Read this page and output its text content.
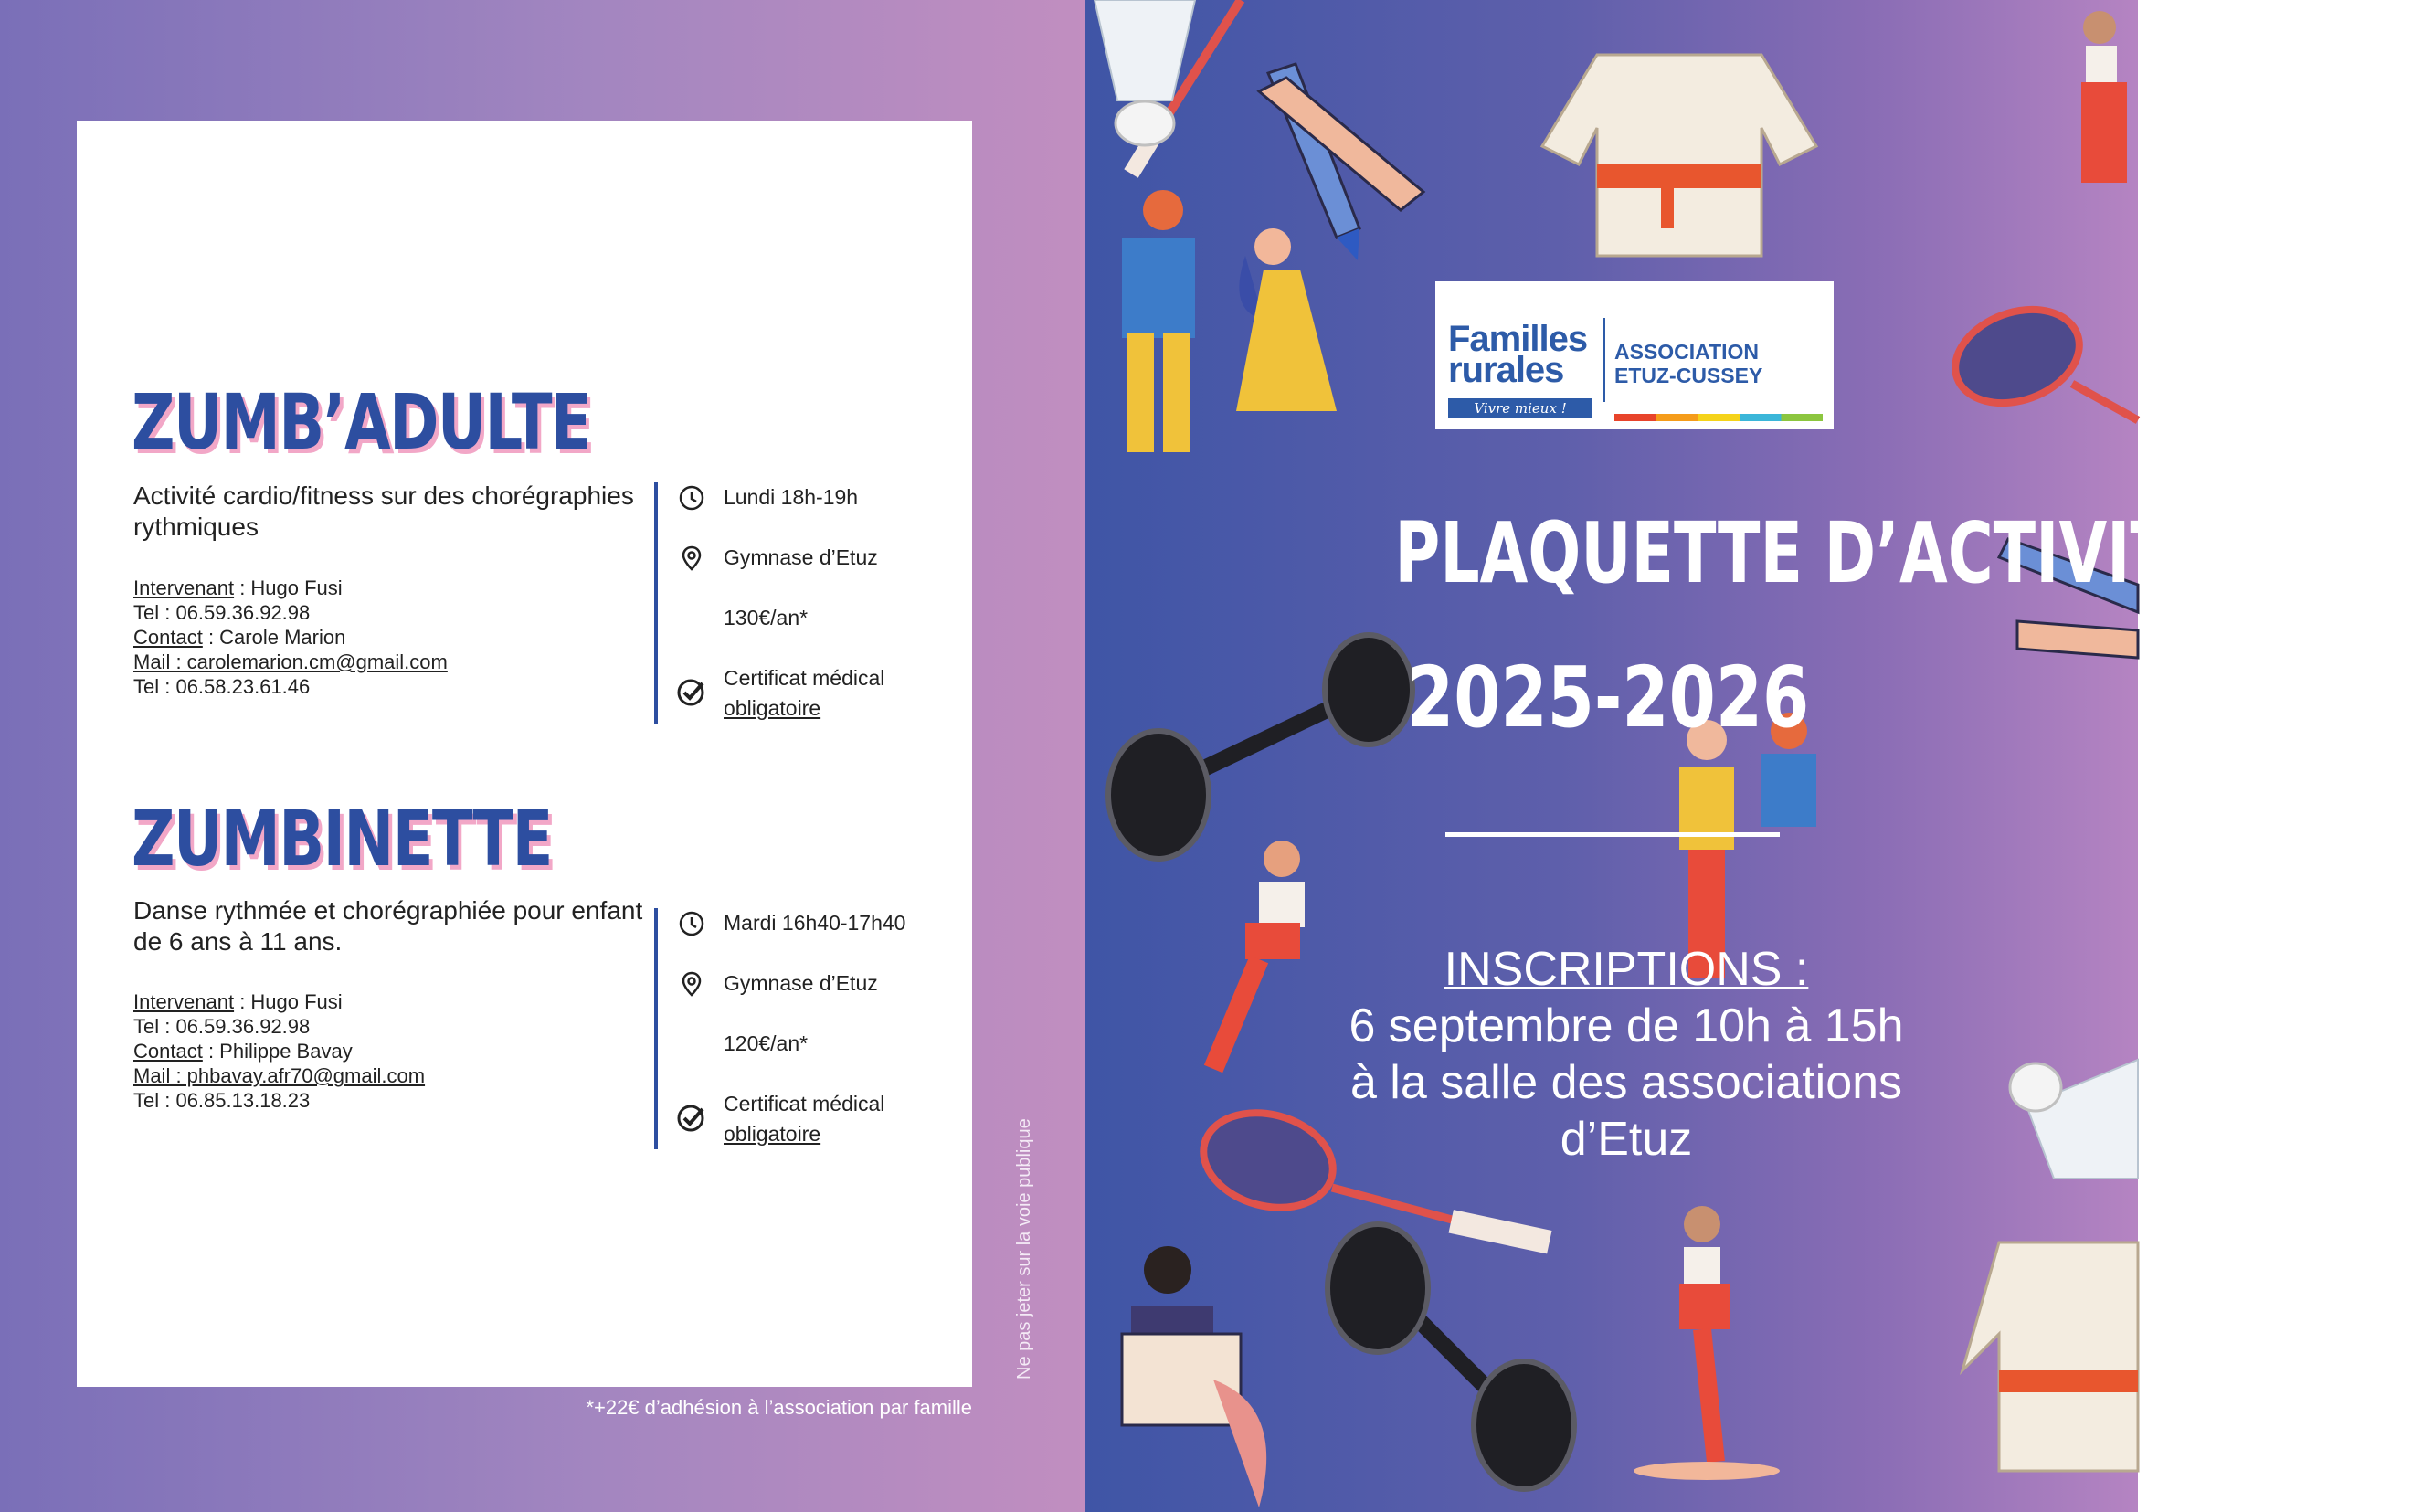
ZUMB’ADULTE
Activité cardio/fitness sur des chorégraphies rythmiques
Intervenant : Hugo Fusi
Tel : 06.59.36.92.98
Contact : Carole Marion
Mail : carolemarion.cm@gmail.com
Tel : 06.58.23.61.46
Lundi 18h-19h
Gymnase d’Etuz
130€/an*
Certificat médical
obligatoire
ZUMBINETTE
Danse rythmée et chorégraphiée pour enfant de 6 ans à 11 ans.
Intervenant : Hugo Fusi
Tel : 06.59.36.92.98
Contact : Philippe Bavay
Mail : phbavay.afr70@gmail.com
Tel : 06.85.13.18.23
Mardi 16h40-17h40
Gymnase d’Etuz
120€/an*
Certificat médical
obligatoire
*+22€ d’adhésion à l’association par famille
Ne pas jeter sur la voie publique
Familles
rurales
Vivre mieux !
ASSOCIATION
ETUZ-CUSSEY
PLAQUETTE D’ACTIVITÉS
2025-2026
INSCRIPTIONS :
6 septembre de 10h à 15h
à la salle des associations
d’Etuz
